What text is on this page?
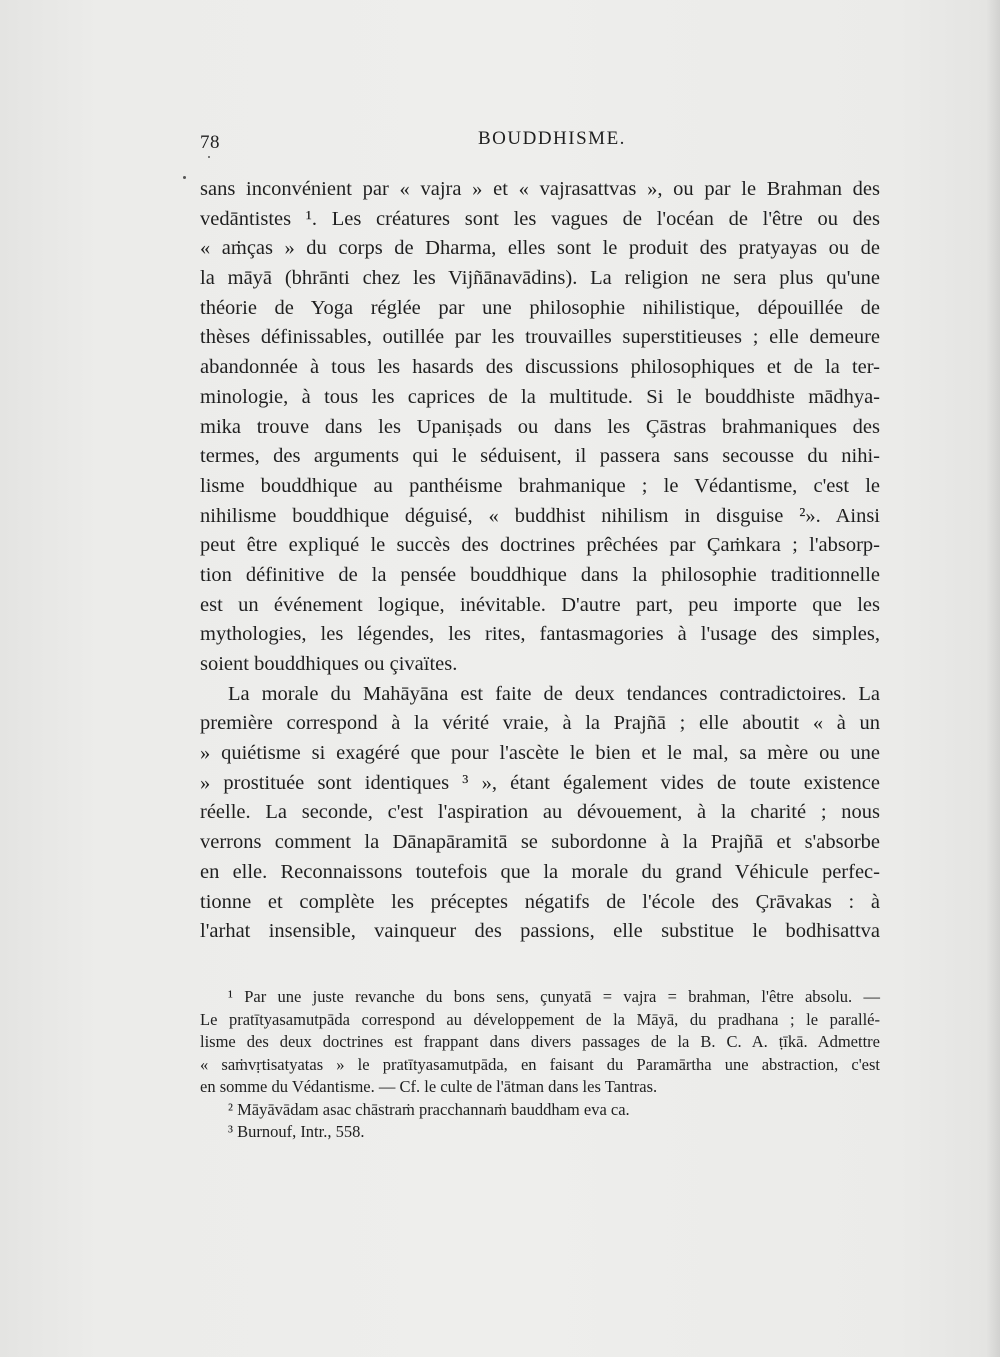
78	BOUDDHISME.
sans inconvénient par « vajra » et « vajrasattvas », ou par le Brahman des
vedāntistes ¹. Les créatures sont les vagues de l'océan de l'être ou des
« aṁças » du corps de Dharma, elles sont le produit des pratyayas ou de
la māyā (bhrānti chez les Vijñānavādins). La religion ne sera plus qu'une
théorie de Yoga réglée par une philosophie nihilistique, dépouillée de
thèses définissables, outillée par les trouvailles superstitieuses ; elle demeure
abandonnée à tous les hasards des discussions philosophiques et de la ter-
minologie, à tous les caprices de la multitude. Si le bouddhiste mādhya-
mika trouve dans les Upaniṣads ou dans les Çāstras brahmaniques des
termes, des arguments qui le séduisent, il passera sans secousse du nihi-
lisme bouddhique au panthéisme brahmanique ; le Védantisme, c'est le
nihilisme bouddhique déguisé, « buddhist nihilism in disguise ²». Ainsi
peut être expliqué le succès des doctrines prêchées par Çaṁkara ; l'absorp-
tion définitive de la pensée bouddhique dans la philosophie traditionnelle
est un événement logique, inévitable. D'autre part, peu importe que les
mythologies, les légendes, les rites, fantasmagories à l'usage des simples,
soient bouddhiques ou çivaïtes.
La morale du Mahāyāna est faite de deux tendances contradictoires. La
première correspond à la vérité vraie, à la Prajñā ; elle aboutit « à un
» quiétisme si exagéré que pour l'ascète le bien et le mal, sa mère ou une
» prostituée sont identiques ³ », étant également vides de toute existence
réelle. La seconde, c'est l'aspiration au dévouement, à la charité ; nous
verrons comment la Dānapāramitā se subordonne à la Prajñā et s'absorbe
en elle. Reconnaissons toutefois que la morale du grand Véhicule perfec-
tionne et complète les préceptes négatifs de l'école des Çrāvakas : à
l'arhat insensible, vainqueur des passions, elle substitue le bodhisattva
¹ Par une juste revanche du bons sens, çunyatā = vajra = brahman, l'être absolu. —
Le pratītyasamutpāda correspond au développement de la Māyā, du pradhana ; le parallé-
lisme des deux doctrines est frappant dans divers passages de la B. C. A. ṭīkā. Admettre
« saṁvṛtisatyatas » le pratītyasamutpāda, en faisant du Paramārtha une abstraction, c'est
en somme du Védantisme. — Cf. le culte de l'ātman dans les Tantras.
² Māyāvādam asac chāstraṁ pracchannaṁ bauddham eva ca.
³ Burnouf, Intr., 558.
